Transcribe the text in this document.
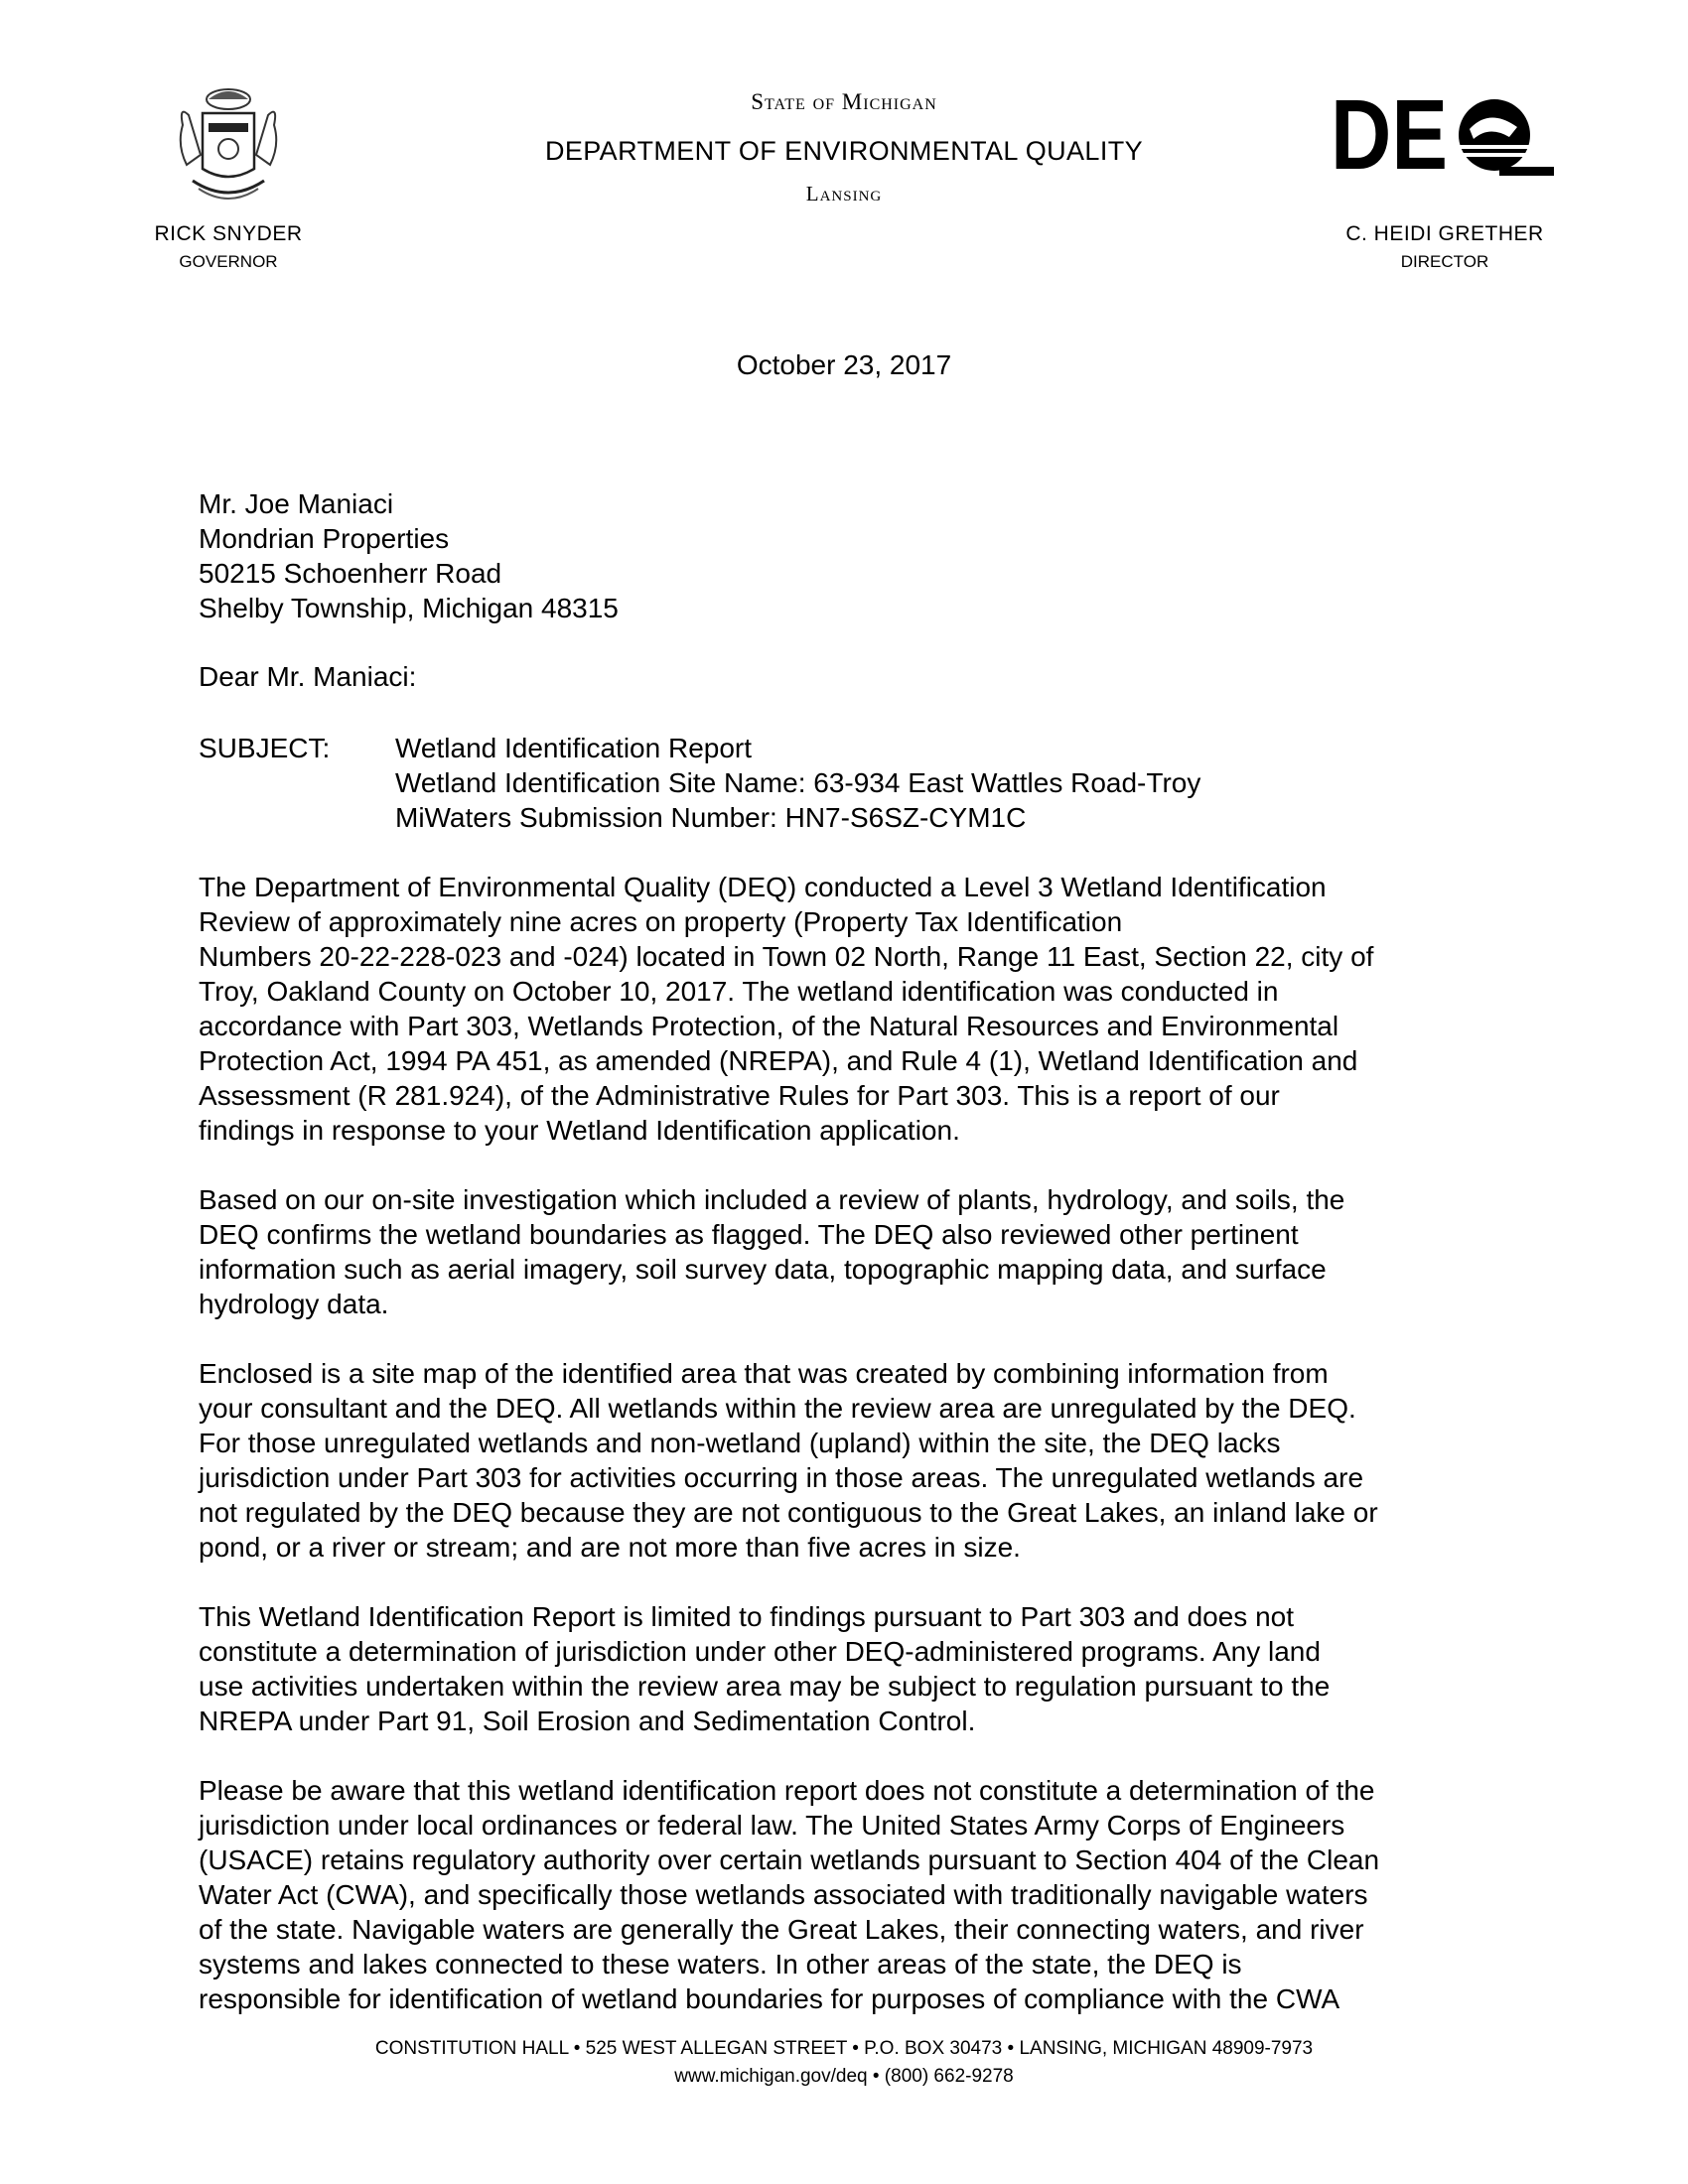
RICK SNYDER
GOVERNOR
State of Michigan
DEPARTMENT OF ENVIRONMENTAL QUALITY
Lansing
DE
C. HEIDI GRETHER
DIRECTOR
October 23, 2017
Mr. Joe Maniaci
Mondrian Properties
50215 Schoenherr Road
Shelby Township, Michigan 48315
Dear Mr. Maniaci:
SUBJECT: Wetland Identification Report
Wetland Identification Site Name: 63-934 East Wattles Road-Troy
MiWaters Submission Number: HN7-S6SZ-CYM1C
The Department of Environmental Quality (DEQ) conducted a Level 3 Wetland Identification
Review of approximately nine acres on property (Property Tax Identification
Numbers 20-22-228-023 and -024) located in Town 02 North, Range 11 East, Section 22, city of
Troy, Oakland County on October 10, 2017. The wetland identification was conducted in
accordance with Part 303, Wetlands Protection, of the Natural Resources and Environmental
Protection Act, 1994 PA 451, as amended (NREPA), and Rule 4 (1), Wetland Identification and
Assessment (R 281.924), of the Administrative Rules for Part 303. This is a report of our
findings in response to your Wetland Identification application.
Based on our on-site investigation which included a review of plants, hydrology, and soils, the
DEQ confirms the wetland boundaries as flagged. The DEQ also reviewed other pertinent
information such as aerial imagery, soil survey data, topographic mapping data, and surface
hydrology data.
Enclosed is a site map of the identified area that was created by combining information from
your consultant and the DEQ. All wetlands within the review area are unregulated by the DEQ.
For those unregulated wetlands and non-wetland (upland) within the site, the DEQ lacks
jurisdiction under Part 303 for activities occurring in those areas. The unregulated wetlands are
not regulated by the DEQ because they are not contiguous to the Great Lakes, an inland lake or
pond, or a river or stream; and are not more than five acres in size.
This Wetland Identification Report is limited to findings pursuant to Part 303 and does not
constitute a determination of jurisdiction under other DEQ-administered programs. Any land
use activities undertaken within the review area may be subject to regulation pursuant to the
NREPA under Part 91, Soil Erosion and Sedimentation Control.
Please be aware that this wetland identification report does not constitute a determination of the
jurisdiction under local ordinances or federal law. The United States Army Corps of Engineers
(USACE) retains regulatory authority over certain wetlands pursuant to Section 404 of the Clean
Water Act (CWA), and specifically those wetlands associated with traditionally navigable waters
of the state. Navigable waters are generally the Great Lakes, their connecting waters, and river
systems and lakes connected to these waters. In other areas of the state, the DEQ is
responsible for identification of wetland boundaries for purposes of compliance with the CWA
CONSTITUTION HALL • 525 WEST ALLEGAN STREET • P.O. BOX 30473 • LANSING, MICHIGAN 48909-7973
www.michigan.gov/deq • (800) 662-9278
